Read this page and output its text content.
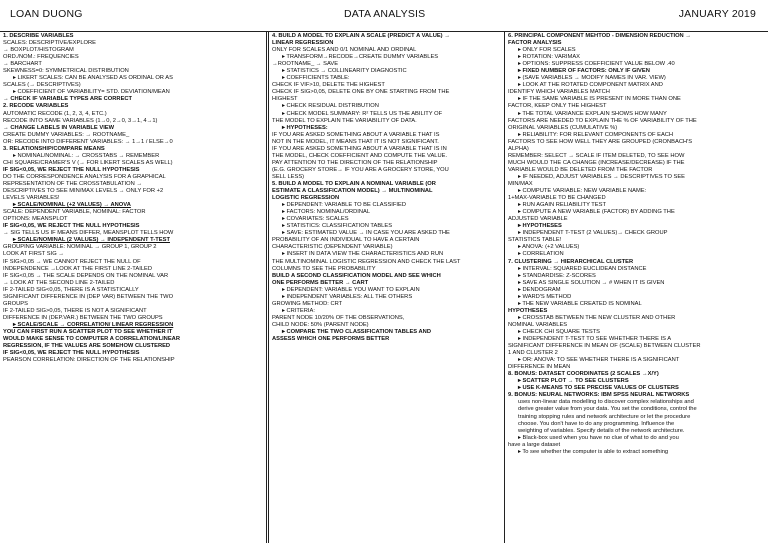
LOAN DUONG	DATA ANALYSIS	JANUARY 2019
1. DESCRIBE VARIABLES
SCALES: DESCRIPTIVE/EXPLORE
→ BOXPLOT/HISTOGRAM
ORD./NOM.: FREQUENCIES
→ BARCHART
SKEWNESS=0: SYMMETRICAL DISTRIBUTION
▸ LIKERT SCALES: CAN BE ANALYSED AS ORDINAL OR AS
SCALES (→ DESCRIPTIVES)
▸ COEFFICIENT OF VARIABILITY= STD. DEVIATION/MEAN
→ CHECK IF VARIABLE TYPES ARE CORRECT
2. RECODE VARIABLES
AUTOMATIC RECODE (1, 2, 3, 4, ETC.)
RECODE INTO SAME VARIABLES (1→0, 2→0, 3→1, 4→1)
→ CHANGE LABELS IN VARIABLE VIEW
CREATE DUMMY VARIABLES: → ROOTNAME_
OR: RECODE INTO DIFFERENT VARIABLES: → 1→1 / ELSE→0
3. RELATIONSHIP/COMPARE MEANS
▸ NOMINAL/NOMINAL: → CROSSTABS → REMEMBER
CHI SQUARE/CRAMER'S V (→ FOR LIKERT SCALES AS WELL)
IF SIG<0,05, WE REJECT THE NULL HYPOTHESIS
DO THE CORRESPONDENCE ANALYSIS FOR A GRAPHICAL
REPRESENTATION OF THE CROSSTABULATION →
DESCRIPTIVES TO SEE MIN/MAX LEVELS → ONLY FOR +2
LEVELS VARIABLES!
▸ SCALE/NOMINAL (+2 VALUES) → ANOVA
SCALE: DEPENDENT VARIABLE, NOMINAL: FACTOR
OPTIONS: MEANSPLOT
IF SIG<0,05, WE REJECT THE NULL HYPOTHESIS
→ SIG TELLS US IF MEANS DIFFER, MEANSPLOT TELLS HOW
▸ SCALE/NOMINAL (2 VALUES) → INDEPENDENT T-TEST
GROUPING VARIABLE: NOMINAL → GROUP 1, GROUP 2
LOOK AT FIRST SIG →
IF SIG>0,05 → WE CANNOT REJECT THE NULL OF
INDEPENDENCE →LOOK AT THE FIRST LINE 2-TAILED
IF SIG<0,05 → THE SCALE DEPENDS ON THE NOMINAL VAR
→ LOOK AT THE SECOND LINE 2-TAILED
IF 2-TAILED SIG<0,05, THERE IS A STATISTICALLY
SIGNIFICANT DIFFERENCE IN (DEP VAR) BETWEEN THE TWO
GROUPS
IF 2-TAILED SIG>0,05, THERE IS NOT A SIGNIFICANT
DIFFERENCE IN (DEP.VAR.) BETWEEN THE TWO GROUPS
▸ SCALE/SCALE → CORRELATION/ LINEAR REGRESSION
YOU CAN FIRST RUN A SCATTER PLOT TO SEE WHETHER IT
WOULD MAKE SENSE TO COMPUTER A CORRELATION/LINEAR
REGRESSION, IF THE VALUES ARE SOMEHOW CLUSTERED
IF SIG<0,05, WE REJECT THE NULL HYPOTHESIS
PEARSON CORRELATION: DIRECTION OF THE RELATIONSHIP
4. BUILD A MODEL TO EXPLAIN A SCALE (PREDICT A VALUE) →
LINEAR REGRESSION
ONLY FOR SCALES AND 0/1 NOMINAL AND ORDINAL
▸ TRANSFORM→RECODE→CREATE DUMMY VARIABLES
→ROOTNAME_ → SAVE
▸ STATISTICS → COLLINEARITY DIAGNOSTIC
▸ COEFFICIENTS TABLE:
CHECK IF VIF>10, DELETE THE HIGHEST
CHECK IF SIG>0,05, DELETE ONE BY ONE STARTING FROM THE
HIGHEST
▸ CHECK RESIDUAL DISTRIBUTION
▸ CHECK MODEL SUMMARY: R² TELLS US THE ABILITY OF
THE MODEL TO EXPLAIN THE VARIABILITY OF DATA.
▸ HYPOTHESES:
IF YOU ARE ASKED SOMETHING ABOUT A VARIABLE THAT IS
NOT IN THE MODEL, IT MEANS THAT IT IS NOT SIGNIFICANT.
IF YOU ARE ASKED SOMETHING ABOUT A VARIABLE THAT IS IN
THE MODEL, CHECK COEFFICIENT AND COMPUTE THE VALUE.
PAY ATTENTION TO THE DIRECTION OF THE RELATIONSHIP
(E.G. GROCERY STORE→ IF YOU ARE A GROCERY STORE, YOU
SELL LESS)
5. BUILD A MODEL TO EXPLAIN A NOMINAL VARIABLE (OR
ESTIMATE A CLASSIFICATION MODEL) → MULTINOMINAL
LOGISTIC REGRESSION
▸ DEPENDENT: VARIABLE TO BE CLASSIFIED
▸ FACTORS: NOMINAL/ORDINAL
▸ COVARIATES: SCALES
▸ STATISTICS: CLASSIFICATION TABLES
▸ SAVE: ESTIMATED VALUE → IN CASE YOU ARE ASKED THE
PROBABILITY OF AN INDIVIDUAL TO HAVE A CERTAIN
CHARACTERISTIC (DEPENDENT VARIABLE)
▸ INSERT IN DATA VIEW THE CHARACTERISTICS AND RUN
THE MULTINOMINAL LOGISTIC REGRESSION AND CHECK THE LAST
COLUMNS TO SEE THE PROBABILITY
BUILD A SECOND CLASSIFICATION MODEL AND SEE WHICH
ONE PERFORMS BETTER → CART
▸ DEPENDENT: VARIABLE YOU WANT TO EXPLAIN
▸ INDEPENDENT VARIABLES: ALL THE OTHERS
GROWING METHOD: CRT
▸ CRITERIA:
PARENT NODE 10/20% OF THE OBSERVATIONS,
CHILD NODE: 50% (PARENT NODE)
▸ COMPARE THE TWO CLASSIFICATION TABLES AND
ASSESS WHICH ONE PERFORMS BETTER
6. PRINCIPAL COMPONENT MEHTOD - DIMENSION REDUCTION →
FACTOR ANALYSIS
▸ ONLY FOR SCALES
▸ ROTATION: VARIMAX
▸ OPTIONS: SUPPRESS COEFFICIENT VALUE BELOW .40
▸ FIXED NUMBER OF FACTORS: ONLY IF GIVEN
▸ (SAVE VARIABLES → MODIFY NAMES IN VAR. VIEW)
▸ LOOK AT THE ROTATED COMPONENT MATRIX AND
IDENTIFY WHICH VARIABLES MATCH
▸ IF THE SAME VARIABLE IS PRESENT IN MORE THAN ONE
FACTOR, KEEP ONLY THE HIGHEST
▸ THE TOTAL VARIANCE EXPLAIN SHOWS HOW MANY
FACTORS ARE NEEDED TO EXPLAIN THE % OF VARIABILITY OF THE
ORIGINAL VARIABLES (CUMULATIVE %)
▸ RELIABILITY: FOR RELEVANT COMPONENTS OF EACH
FACTORS TO SEE HOW WELL THEY ARE GROUPED (CRONBACH'S
ALPHA)
REMEMBER: SELECT → SCALE IF ITEM DELETED, TO SEE HOW
MUCH WOULD THE CA CHANGE (INCREASE/DECREASE) IF THE
VARIABLE WOULD BE DELETED FROM THE FACTOR
▸ IF NEEDED, ADJUST VARIABLES → DESCRIPTIVES TO SEE
MIN/MAX
▸ COMPUTE VARIABLE: NEW VARIABLE NAME:
1+MAX-VARIABLE TO BE CHANGED
▸ RUN AGAIN RELIABILITY TEST
▸ COMPUTE A NEW VARIABLE (FACTOR) BY ADDING THE
ADJUSTED VARIABLE
▸ HYPOTHESES
▸ INDEPENDENT T-TEST (2 VALUES)→ CHECK GROUP
STATISTICS TABLE!
▸ ANOVA: (+2 VALUES)
▸ CORRELATION
7. CLUSTERING → HIERARCHICAL CLUSTER
▸ INTERVAL: SQUARED EUCLIDEAN DISTANCE
▸ STANDARDISE: Z-SCORES
▸ SAVE AS SINGLE SOLUTION → # WHEN IT IS GIVEN
▸ DENDOGRAM
▸ WARD'S METHOD
▸ THE NEW VARIABLE CREATED IS NOMINAL
HYPOTHESES
▸ CROSSTAB BETWEEN THE NEW CLUSTER AND OTHER
NOMINAL VARIABLES
▸ CHECK CHI SQUARE TESTS
▸ INDEPENDENT T-TEST TO SEE WHETHER THERE IS A
SIGNIFICANT DIFFERENCE IN MEAN OF (SCALE) BETWEEN CLUSTER
1 AND CLUSTER 2
▸ OR: ANOVA: TO SEE WHETHER THERE IS A SIGNIFICANT
DIFFERENCE IN MEAN
8. BONUS: DATASET COORDINATES (2 SCALES →X/Y)
▸ SCATTER PLOT → TO SEE CLUSTERS
▸ USE K-MEANS TO SEE PRECISE VALUES OF CLUSTERS
9. BONUS: NEURAL NETWORKS: IBM SPSS NEURAL NETWORKS
uses non-linear data modelling to discover complex relationships and
derive greater value from your data. You set the conditions, control the
training stopping rules and network architecture or let the procedure
choose. You don't have to do any programming. Influence the
weighting of variables. Specify details of the network architecture.
▸ Black-box used when you have no clue of what to do and you
have a large dataset
▸ To see whether the computer is able to extract something
